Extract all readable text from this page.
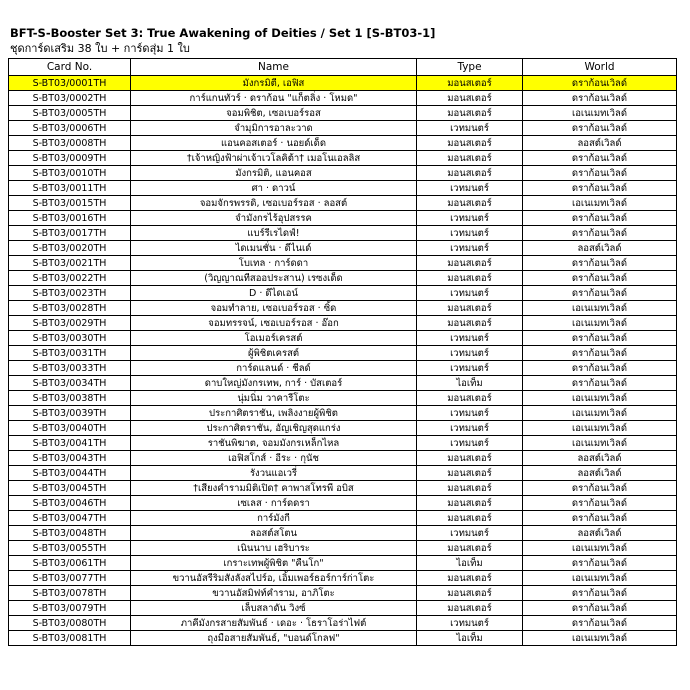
BFT-S-Booster Set 3: True Awakening of Deities / Set 1 [S-BT03-1]
ชุดการ์ดเสริม 38 ใบ + การ์ดสุ่ม 1 ใบ
Card No.	Name	Type	World
S-BT03/0001TH	มังกรมิตี, เอฟิส	มอนสเตอร์	ดราก้อนเวิลด์
S-BT03/0002TH	การ์แกนทัวร์ · ดราก้อน "แก็ตลิ่ง · โหมด"	มอนสเตอร์	ดราก้อนเวิลด์
S-BT03/0005TH	จอมพิชิต, เซอเบอร์รอส	มอนสเตอร์	เอเนเมทเวิลด์
S-BT03/0006TH	จำมุมิการอาละวาด	เวทมนตร์	ดราก้อนเวิลด์
S-BT03/0008TH	แอนคอสเตอร์ · นอยด์เด็ด	มอนสเตอร์	ลอสต์เวิลด์
S-BT03/0009TH	†เจ้าหญิงฟ้าผ่าเจ้าเวโลคิต้า† เมอโนเอลลิส	มอนสเตอร์	ดราก้อนเวิลด์
S-BT03/0010TH	มังกรมิติ, แอนคอส	มอนสเตอร์	ดราก้อนเวิลด์
S-BT03/0011TH	ศา · ดาวน์	เวทมนตร์	ดราก้อนเวิลด์
S-BT03/0015TH	จอมจักรพรรดิ, เซอเบอร์รอส · ลอสต์	มอนสเตอร์	เอเนเมทเวิลด์
S-BT03/0016TH	จำมังกรไร้อุปสรรค	เวทมนตร์	ดราก้อนเวิลด์
S-BT03/0017TH	แบร์รีเรไดฟ์!	เวทมนตร์	ดราก้อนเวิลด์
S-BT03/0020TH	ไดเมนชั่น · ดีไนเด์	เวทมนตร์	ลอสต์เวิลด์
S-BT03/0021TH	โบเทล · การ์ดดา	มอนสเตอร์	ดราก้อนเวิลด์
S-BT03/0022TH	(วิญญาณทีสออประสาน) เรซงเด็ด	มอนสเตอร์	ดราก้อนเวิลด์
S-BT03/0023TH	D · ดีไดเอน์	เวทมนตร์	ดราก้อนเวิลด์
S-BT03/0028TH	จอมทำลาย, เซอเบอร์รอส · ซิ้ด	มอนสเตอร์	เอเนเมทเวิลด์
S-BT03/0029TH	จอมทรรจน์, เซอเบอร์รอส · อ๊อก	มอนสเตอร์	เอเนเมทเวิลด์
S-BT03/0030TH	โอเมอร์เครสต์	เวทมนตร์	ดราก้อนเวิลด์
S-BT03/0031TH	ผู้พิชิตเครสต์	เวทมนตร์	ดราก้อนเวิลด์
S-BT03/0033TH	การ์ดแลนด์ · ชีลด์	เวทมนตร์	ดราก้อนเวิลด์
S-BT03/0034TH	ดาบใหญ่มังกรเทพ, การ์ · บัสเตอร์	ไอเท็ม	ดราก้อนเวิลด์
S-BT03/0038TH	นุ่มนิ่ม วาคารีโตะ	มอนสเตอร์	เอเนเมทเวิลด์
S-BT03/0039TH	ประกาศิตราชัน, เพลิงงายผู้พิชิต	เวทมนตร์	เอเนเมทเวิลด์
S-BT03/0040TH	ประกาศิตราชัน, อัญเชิญสุดแกร่ง	เวทมนตร์	เอเนเมทเวิลด์
S-BT03/0041TH	ราชันพิฆาต, จอมมังกรเหล็กไหล	เวทมนตร์	เอเนเมทเวิลด์
S-BT03/0043TH	เอฟิสโกส์ · อีระ · กุนัช	มอนสเตอร์	ลอสต์เวิลด์
S-BT03/0044TH	รังวนแอเวรี่	มอนสเตอร์	ลอสต์เวิลด์
S-BT03/0045TH	†เสียงคำรามมิติเปิด† คาพาสโทรพี อบิส	มอนสเตอร์	ดราก้อนเวิลด์
S-BT03/0046TH	เซเลส · การ์ดดรา	มอนสเตอร์	ดราก้อนเวิลด์
S-BT03/0047TH	การ์มังกี	มอนสเตอร์	ดราก้อนเวิลด์
S-BT03/0048TH	ลอสต์สโตน	เวทมนตร์	ลอสต์เวิลด์
S-BT03/0055TH	เนินนาบ เฮริบาระ	มอนสเตอร์	เอเนเมทเวิลด์
S-BT03/0061TH	เกราะเทพผู้พิชิต "คืนโก"	ไอเท็ม	ดราก้อนเวิลด์
S-BT03/0077TH	ขวานอัสรีริมสังลังสไปร์อ, เอิ้มเพอร์ธอร์การ์ก่าโตะ	มอนสเตอร์	เอเนเมทเวิลด์
S-BT03/0078TH	ขวานอัสมิฟท์คำราม, อาภิโตะ	มอนสเตอร์	ดราก้อนเวิลด์
S-BT03/0079TH	เล็บสลาดัน วิงซ์	มอนสเตอร์	ดราก้อนเวิลด์
S-BT03/0080TH	ภาคีมังกรสายสัมพันธ์ · เดอะ · โธราโอร่าไฟต์	เวทมนตร์	ดราก้อนเวิลด์
S-BT03/0081TH	ถุงมือสายสัมพันธ์, "บอนด์โกลฟ"	ไอเท็ม	เอเนเมทเวิลด์
